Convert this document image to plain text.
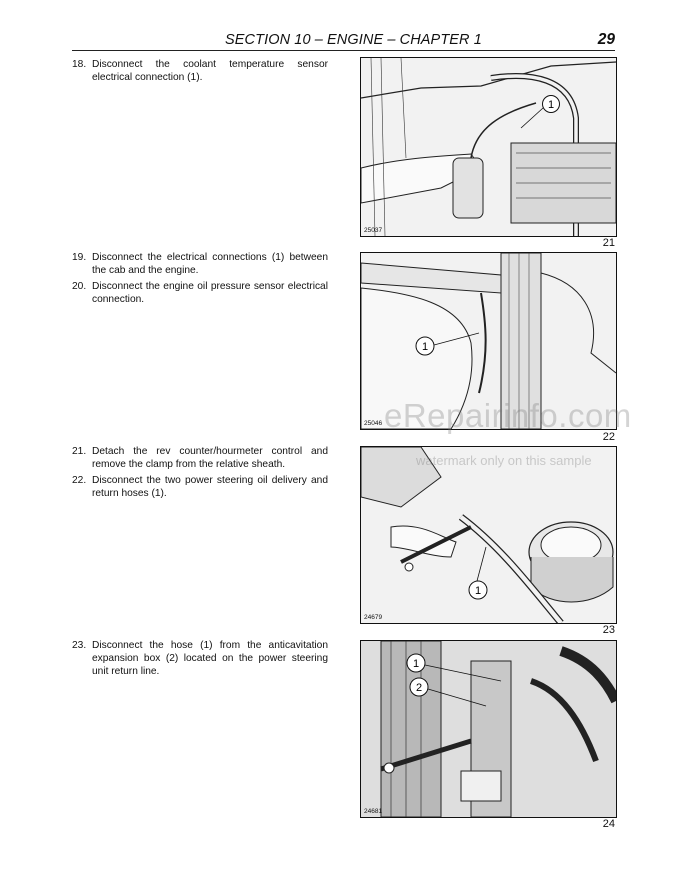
SECTION 10 – ENGINE – CHAPTER 1	29
18. Disconnect the coolant temperature sensor electrical connection (1).
19. Disconnect the electrical connections (1) between the cab and the engine.
20. Disconnect the engine oil pressure sensor electrical connection.
21. Detach the rev counter/hourmeter control and remove the clamp from the relative sheath.
22. Disconnect the two power steering oil delivery and return hoses (1).
23. Disconnect the hose (1) from the anticavitation expansion box (2) located on the power steering unit return line.
1
25037
21
1
25046
22
1
24679
23
1
2
24681
24
eRepairinfo.com
watermark only on this sample
